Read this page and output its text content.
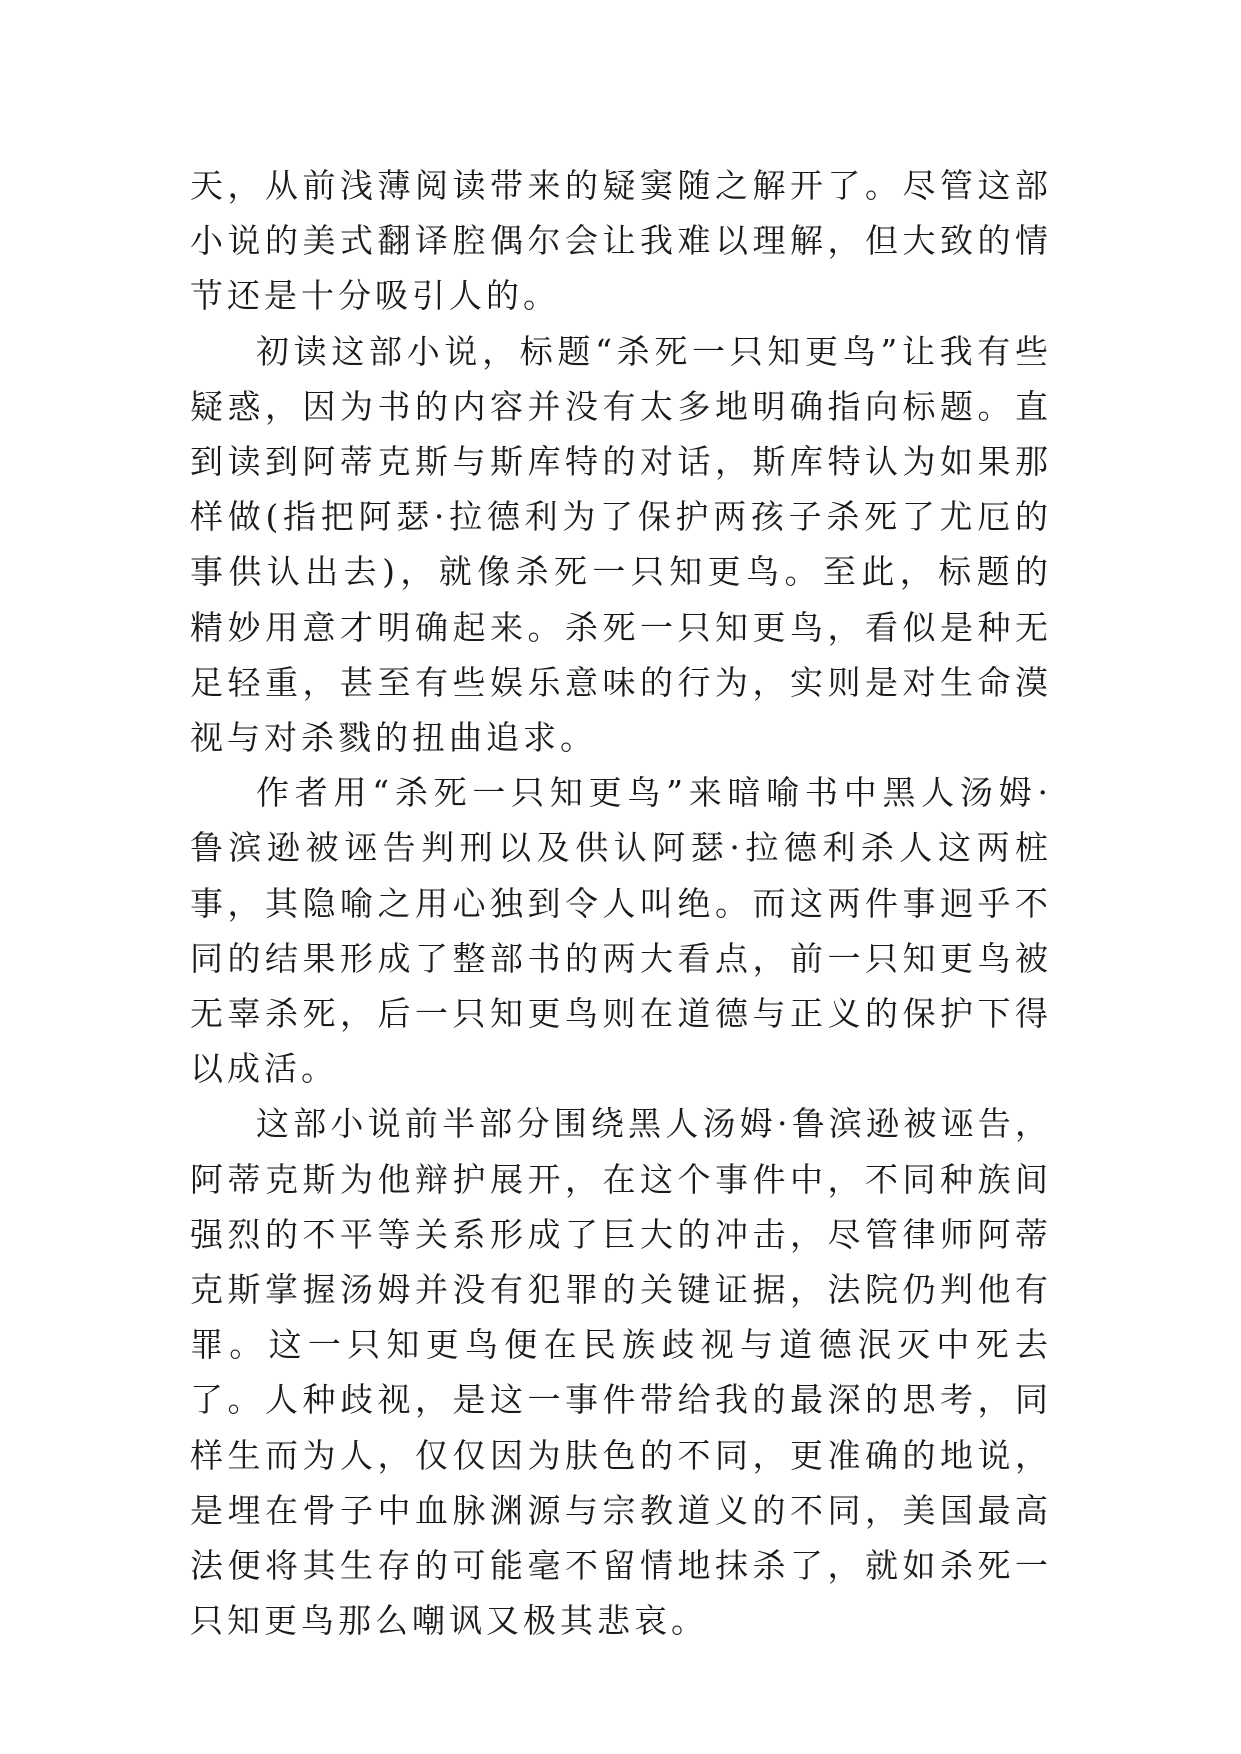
天，从前浅薄阅读带来的疑窦随之解开了。尽管这部小说的美式翻译腔偶尔会让我难以理解，但大致的情节还是十分吸引人的。

初读这部小说，标题“杀死一只知更鸟”让我有些疑惑，因为书的内容并没有太多地明确指向标题。直到读到阿蒂克斯与斯库特的对话，斯库特认为如果那样做(指把阿瑟·拉德利为了保护两孩子杀死了尤厄的事供认出去)，就像杀死一只知更鸟。至此，标题的精妙用意才明确起来。杀死一只知更鸟，看似是种无足轻重，甚至有些娱乐意味的行为，实则是对生命漠视与对杀戮的扭曲追求。

作者用“杀死一只知更鸟”来暗喻书中黑人汤姆·鲁滨逊被诬告判刑以及供认阿瑟·拉德利杀人这两桩事，其隐喻之用心独到令人叫绝。而这两件事迥乎不同的结果形成了整部书的两大看点，前一只知更鸟被无辜杀死，后一只知更鸟则在道德与正义的保护下得以成活。

这部小说前半部分围绕黑人汤姆·鲁滨逊被诬告，阿蒂克斯为他辩护展开，在这个事件中，不同种族间强烈的不平等关系形成了巨大的冲击，尽管律师阿蒂克斯掌握汤姆并没有犯罪的关键证据，法院仍判他有罪。这一只知更鸟便在民族歧视与道德泯灭中死去了。人种歧视，是这一事件带给我的最深的思考，同样生而为人，仅仅因为肤色的不同，更准确的地说，是埋在骨子中血脉渊源与宗教道义的不同，美国最高法便将其生存的可能毫不留情地抹杀了，就如杀死一只知更鸟那么嘲讽又极其悲哀。
